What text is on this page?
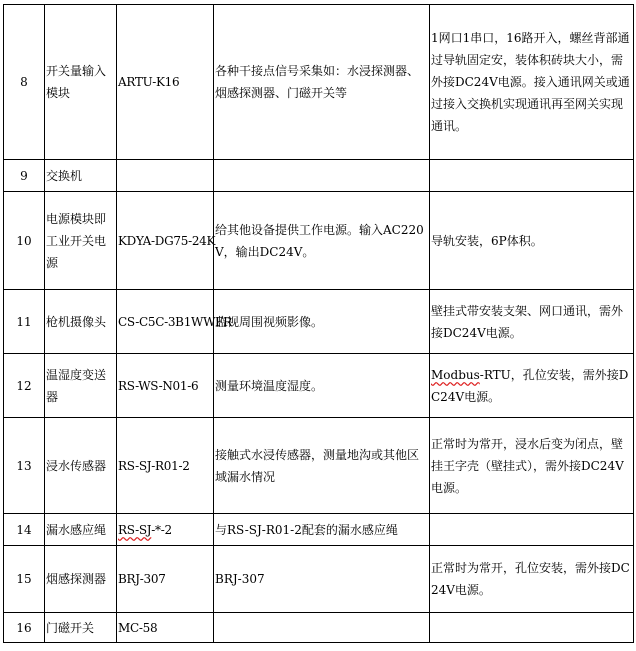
8	开关量输入模块	ARTU-K16	各种干接点信号采集如：水浸探测器、烟感探测器、门磁开关等	1网口1串口，16路开入，螺丝背部通过导轨固定安，装体积砖块大小，需外接DC24V电源。接入通讯网关或通过接入交换机实现通讯再至网关实现通讯。
9	交换机			
10	电源模块即工业开关电源	KDYA-DG75-24K	给其他设备提供工作电源。输入AC220V，输出DC24V。	导轨安装，6P体积。
11	枪机摄像头	CS-C5C-3B1WWFR	监视周围视频影像。	壁挂式带安装支架、网口通讯，需外接DC24V电源。
12	温湿度变送器	RS-WS-N01-6	测量环境温度湿度。	Modbus-RTU，孔位安装，需外接DC24V电源。
13	浸水传感器	RS-SJ-R01-2	接触式水浸传感器，测量地沟或其他区域漏水情况	正常时为常开，浸水后变为闭点，壁挂王字壳（壁挂式），需外接DC24V电源。
14	漏水感应绳	RS-SJ-*-2	与RS-SJ-R01-2配套的漏水感应绳	
15	烟感探测器	BRJ-307	BRJ-307	正常时为常开，孔位安装，需外接DC24V电源。
16	门磁开关	MC-58		
